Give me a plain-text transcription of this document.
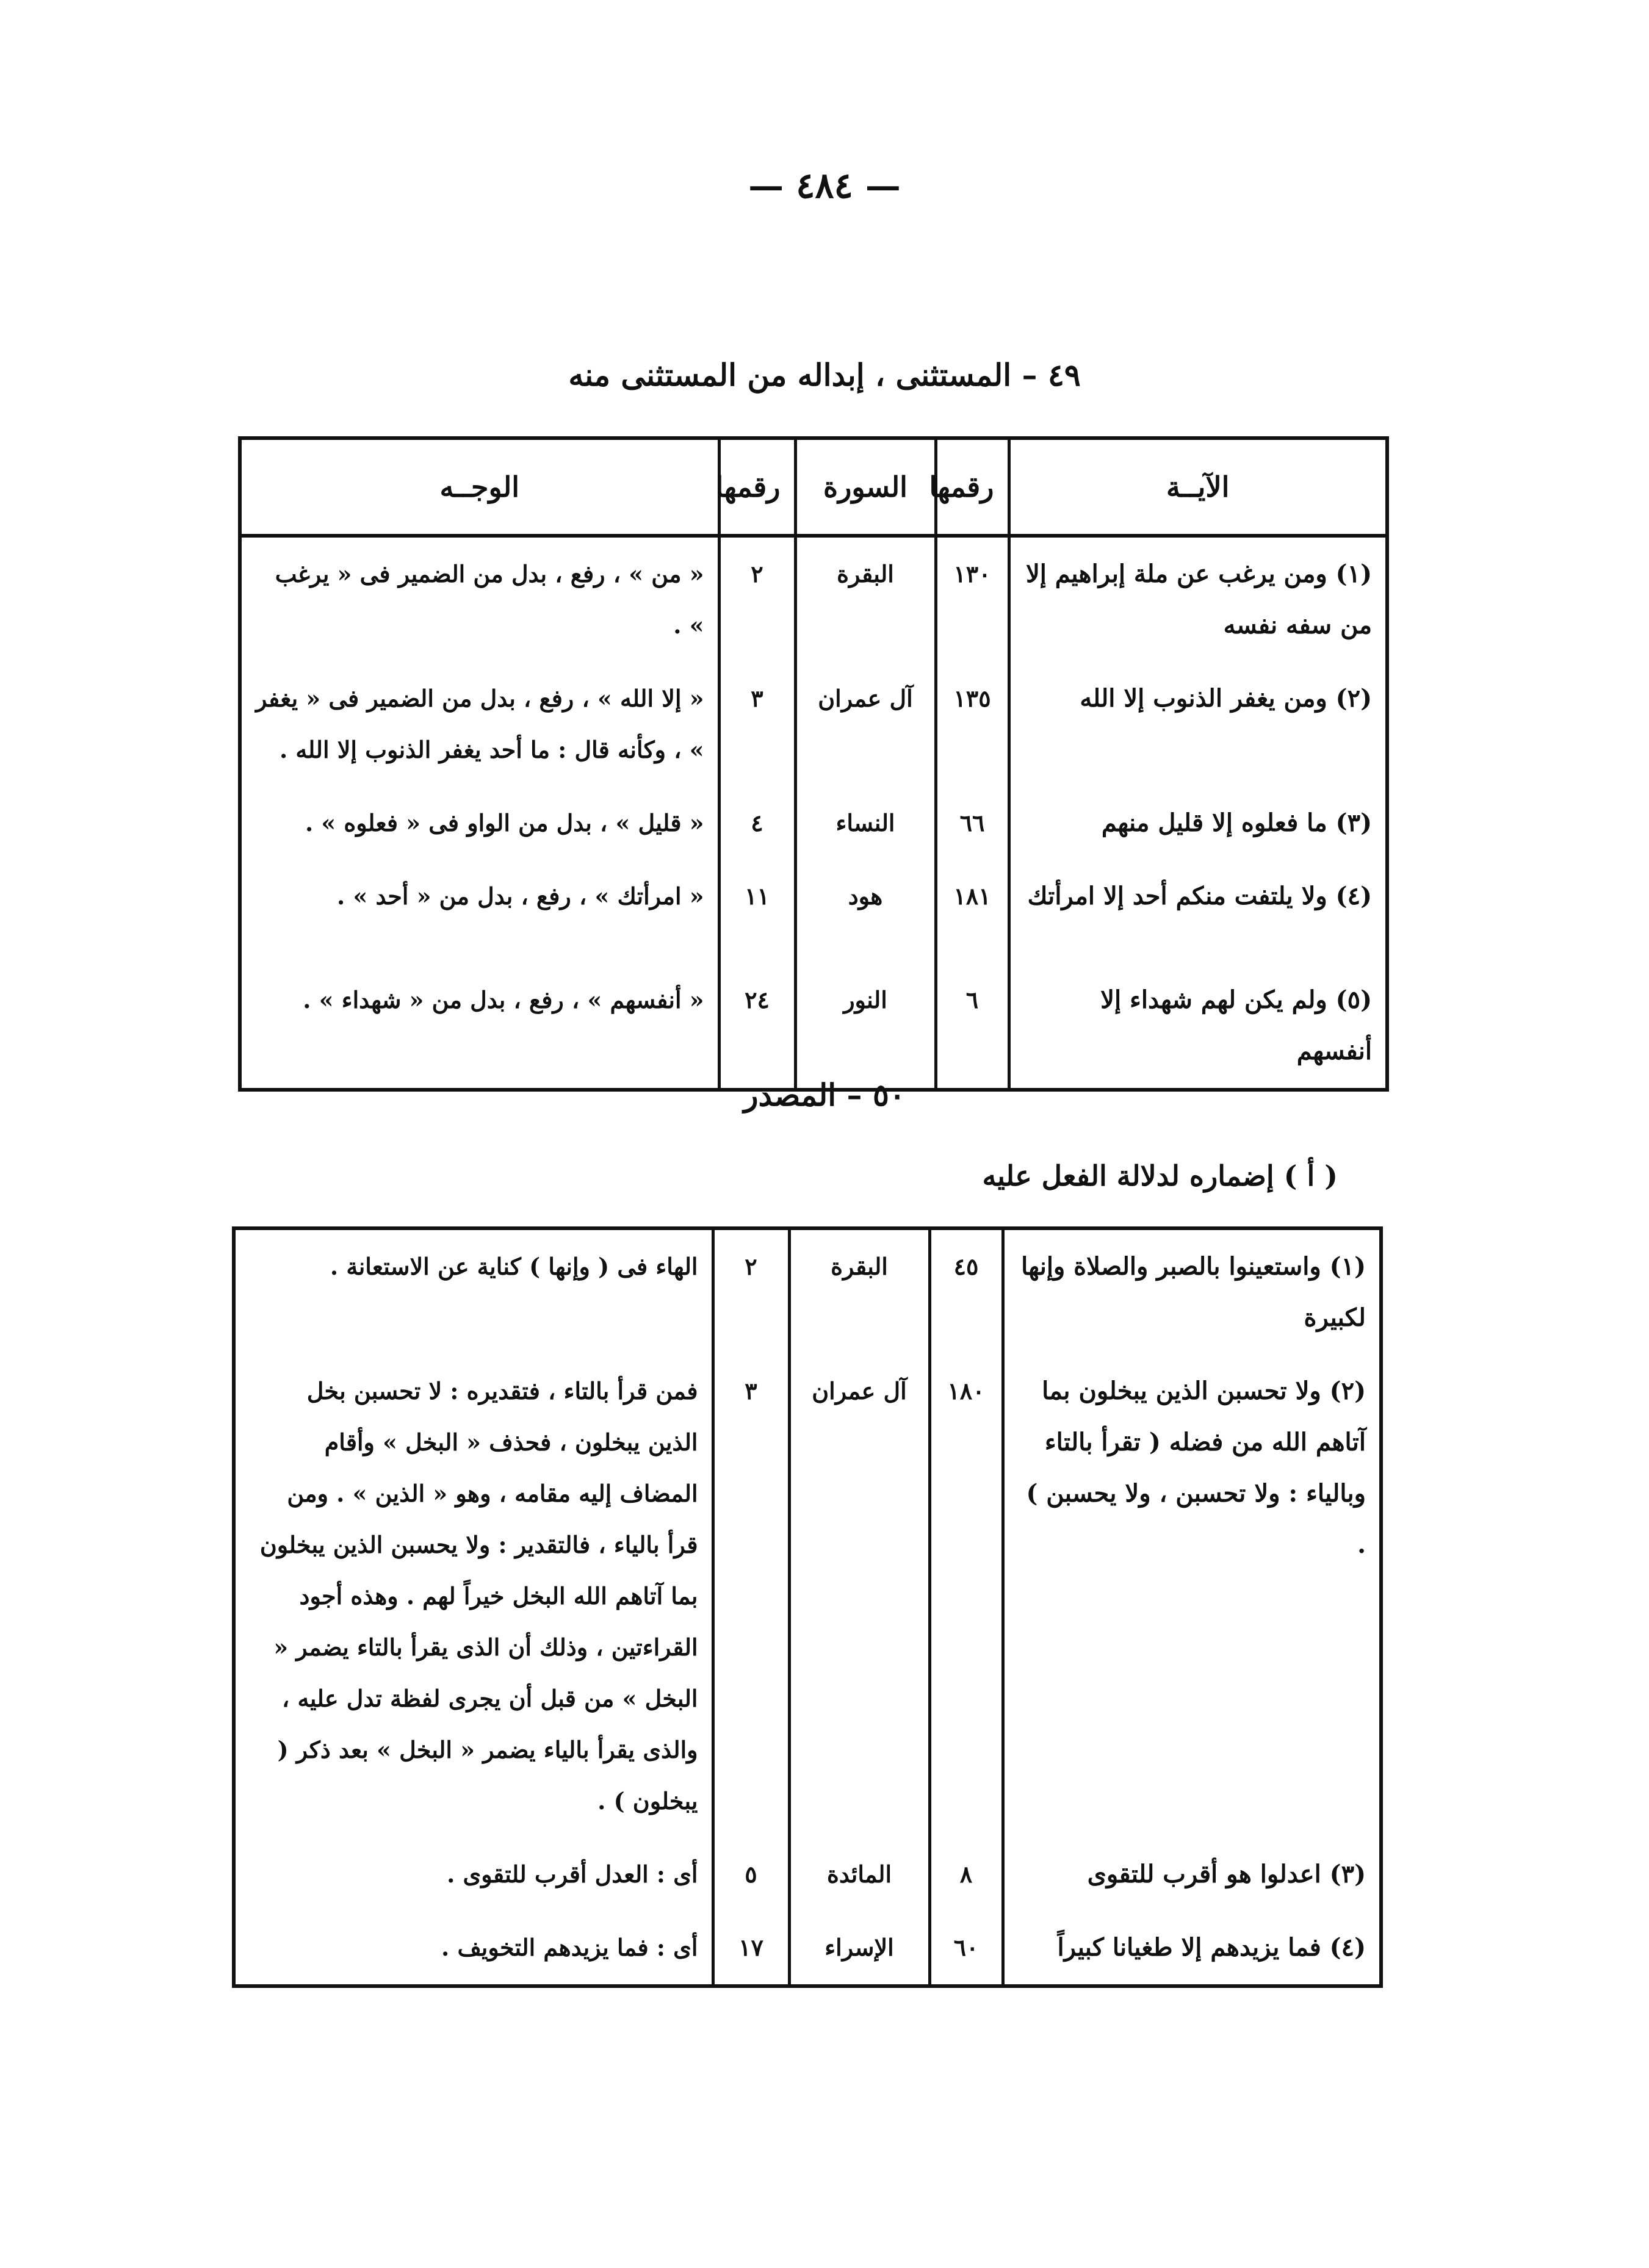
— ٤٨٤ —
٤٩ – المستثنى ، إبداله من المستثنى منه
الآيــة	رقمها	السورة	رقمها	الوجــه
(١) ومن يرغب عن ملة إبراهيم إلا من سفه نفسه	١٣٠	البقرة	٢	« من » ، رفع ، بدل من الضمير فى « يرغب » .
(٢) ومن يغفر الذنوب إلا الله	١٣٥	آل عمران	٣	« إلا الله » ، رفع ، بدل من الضمير فى « يغفر » ، وكأنه قال : ما أحد يغفر الذنوب إلا الله .
(٣) ما فعلوه إلا قليل منهم	٦٦	النساء	٤	« قليل » ، بدل من الواو فى « فعلوه » .
(٤) ولا يلتفت منكم أحد إلا امرأتك	١٨١	هود	١١	« امرأتك » ، رفع ، بدل من « أحد » .
(٥) ولم يكن لهم شهداء إلا أنفسهم	٦	النور	٢٤	« أنفسهم » ، رفع ، بدل من « شهداء » .
٥٠ – المصدر
( أ ) إضماره لدلالة الفعل عليه
(١) واستعينوا بالصبر والصلاة وإنها لكبيرة	٤٥	البقرة	٢	الهاء فى ( وإنها ) كناية عن الاستعانة .
(٢) ولا تحسبن الذين يبخلون بما آتاهم الله من فضله ( تقرأ بالتاء وبالياء : ولا تحسبن ، ولا يحسبن ) .	١٨٠	آل عمران	٣	فمن قرأ بالتاء ، فتقديره : لا تحسبن بخل الذين يبخلون ، فحذف « البخل » وأقام المضاف إليه مقامه ، وهو « الذين » . ومن قرأ بالياء ، فالتقدير : ولا يحسبن الذين يبخلون بما آتاهم الله البخل خيراً لهم . وهذه أجود القراءتين ، وذلك أن الذى يقرأ بالتاء يضمر « البخل » من قبل أن يجرى لفظة تدل عليه ، والذى يقرأ بالياء يضمر « البخل » بعد ذكر ( يبخلون ) .
(٣) اعدلوا هو أقرب للتقوى	٨	المائدة	٥	أى : العدل أقرب للتقوى .
(٤) فما يزيدهم إلا طغيانا كبيراً	٦٠	الإسراء	١٧	أى : فما يزيدهم التخويف .
